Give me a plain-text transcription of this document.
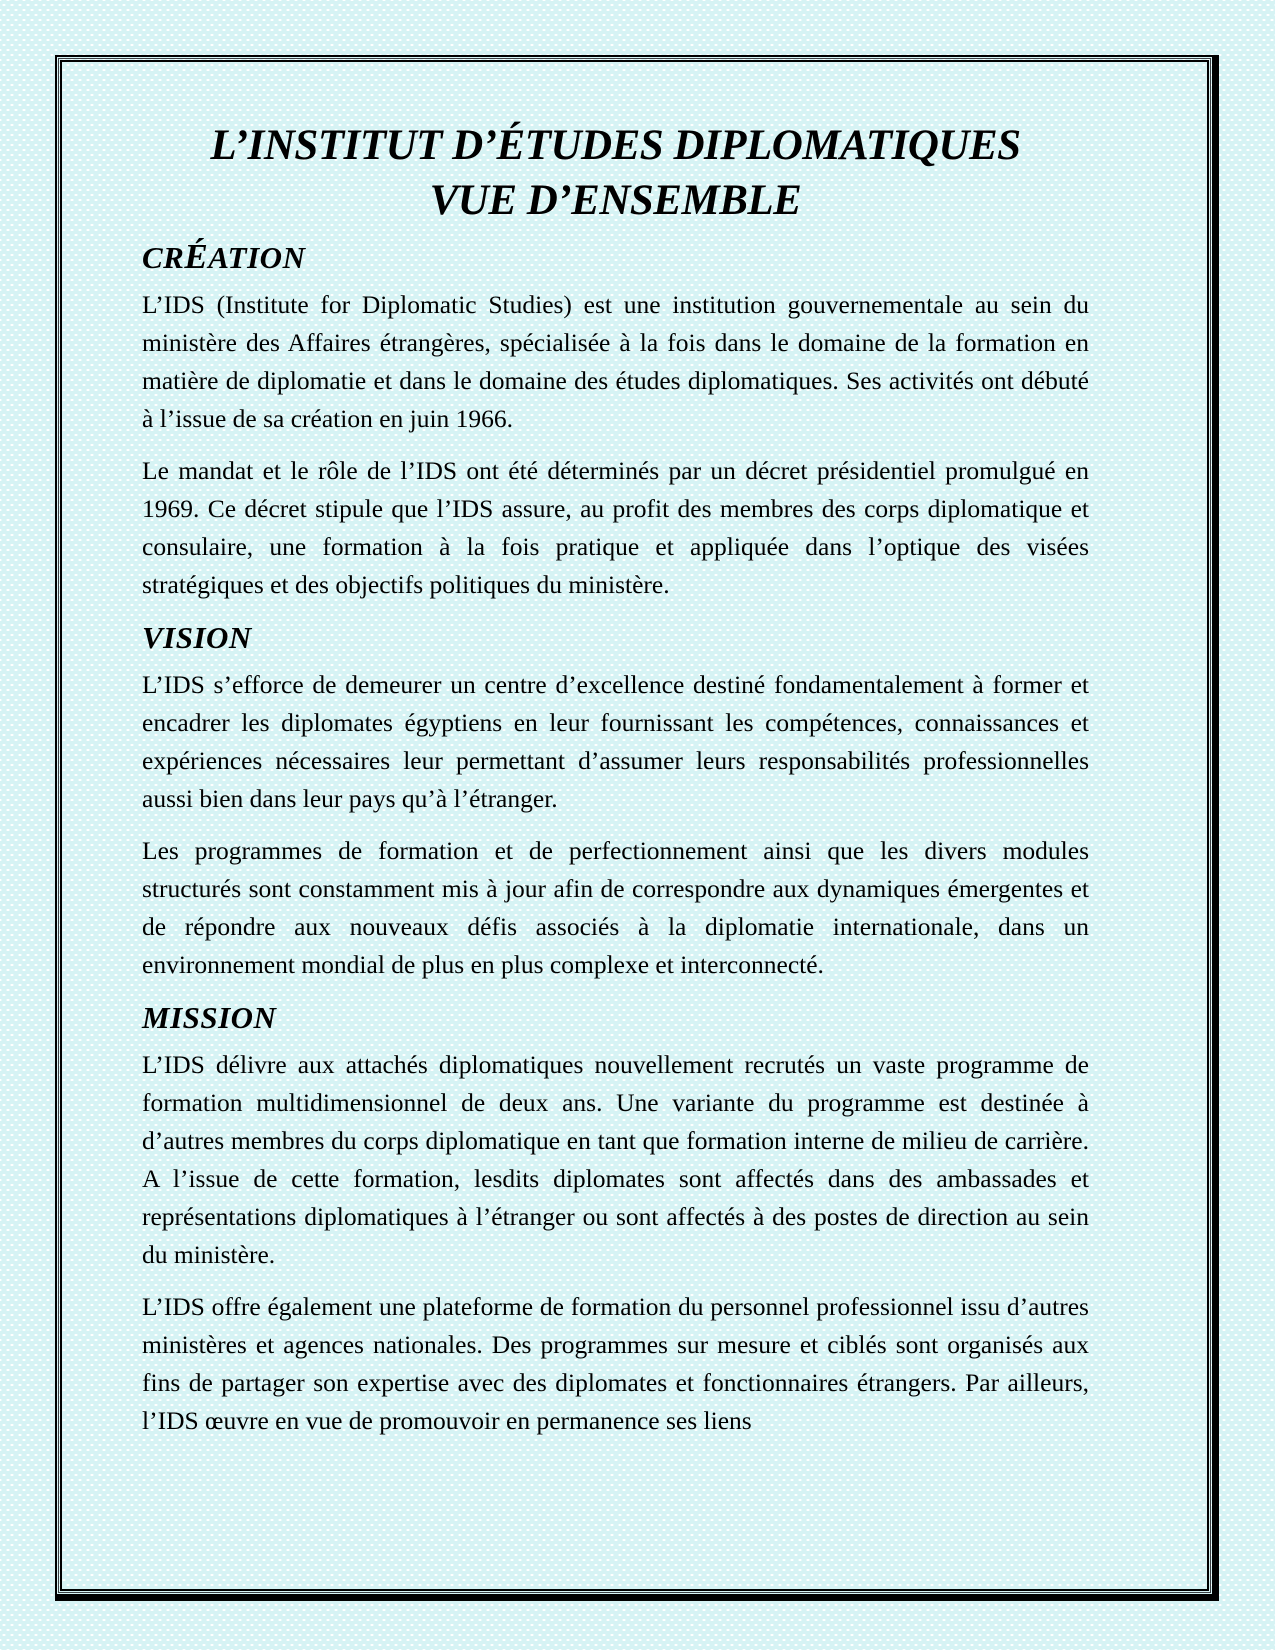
L’INSTITUT D’ÉTUDES DIPLOMATIQUES
VUE D’ENSEMBLE
CRÉATION

L’IDS (Institute for Diplomatic Studies) est une institution gouvernementale au sein du ministère des Affaires étrangères, spécialisée à la fois dans le domaine de la formation en matière de diplomatie et dans le domaine des études diplomatiques. Ses activités ont débuté à l’issue de sa création en juin 1966.

Le mandat et le rôle de l’IDS ont été déterminés par un décret présidentiel promulgué en 1969. Ce décret stipule que l’IDS assure, au profit des membres des corps diplomatique et consulaire, une formation à la fois pratique et appliquée dans l’optique des visées stratégiques et des objectifs politiques du ministère.

VISION

L’IDS s’efforce de demeurer un centre d’excellence destiné fondamentalement à former et encadrer les diplomates égyptiens en leur fournissant les compétences, connaissances et expériences nécessaires leur permettant d’assumer leurs responsabilités professionnelles aussi bien dans leur pays qu’à l’étranger.

Les programmes de formation et de perfectionnement ainsi que les divers modules structurés sont constamment mis à jour afin de correspondre aux dynamiques émergentes et de répondre aux nouveaux défis associés à la diplomatie internationale, dans un environnement mondial de plus en plus complexe et interconnecté.

MISSION

L’IDS délivre aux attachés diplomatiques nouvellement recrutés un vaste programme de formation multidimensionnel de deux ans. Une variante du programme est destinée à d’autres membres du corps diplomatique en tant que formation interne de milieu de carrière. A l’issue de cette formation, lesdits diplomates sont affectés dans des ambassades et représentations diplomatiques à l’étranger ou sont affectés à des postes de direction au sein du ministère.

L’IDS offre également une plateforme de formation du personnel professionnel issu d’autres ministères et agences nationales. Des programmes sur mesure et ciblés sont organisés aux fins de partager son expertise avec des diplomates et fonctionnaires étrangers. Par ailleurs, l’IDS œuvre en vue de promouvoir en permanence ses liens
